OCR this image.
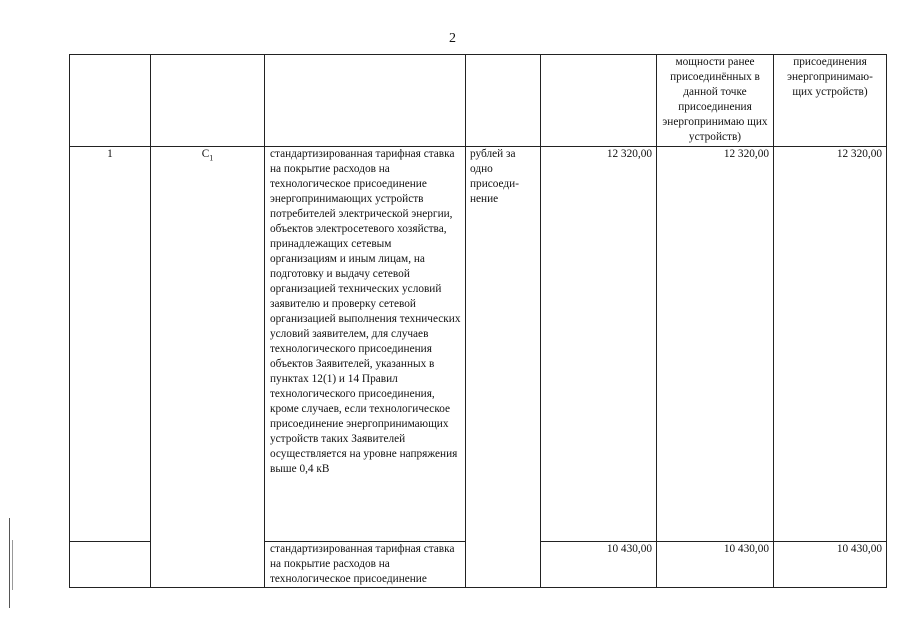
2
					мощности ранее присоединённых в данной точке присоединения энергопринимаю щих устройств)	присоединения энергопринимаю-щих устройств)
1	$С_1$	стандартизированная тарифная ставка на покрытие расходов на технологическое присоединение энергопринимающих устройств потребителей электрической энергии, объектов электросетевого хозяйства, принадлежащих сетевым организациям и иным лицам, на подготовку и выдачу сетевой организацией технических условий заявителю и проверку сетевой организацией выполнения технических условий заявителем, для случаев технологического присоединения объектов Заявителей, указанных в пунктах 12(1) и 14 Правил технологического присоединения, кроме случаев, если технологическое присоединение энергопринимающих устройств таких Заявителей осуществляется на уровне напряжения выше 0,4 кВ	рублей за одно присоеди-нение	12 320,00	12 320,00	12 320,00
		стандартизированная тарифная ставка на покрытие расходов на технологическое присоединение		10 430,00	10 430,00	10 430,00
